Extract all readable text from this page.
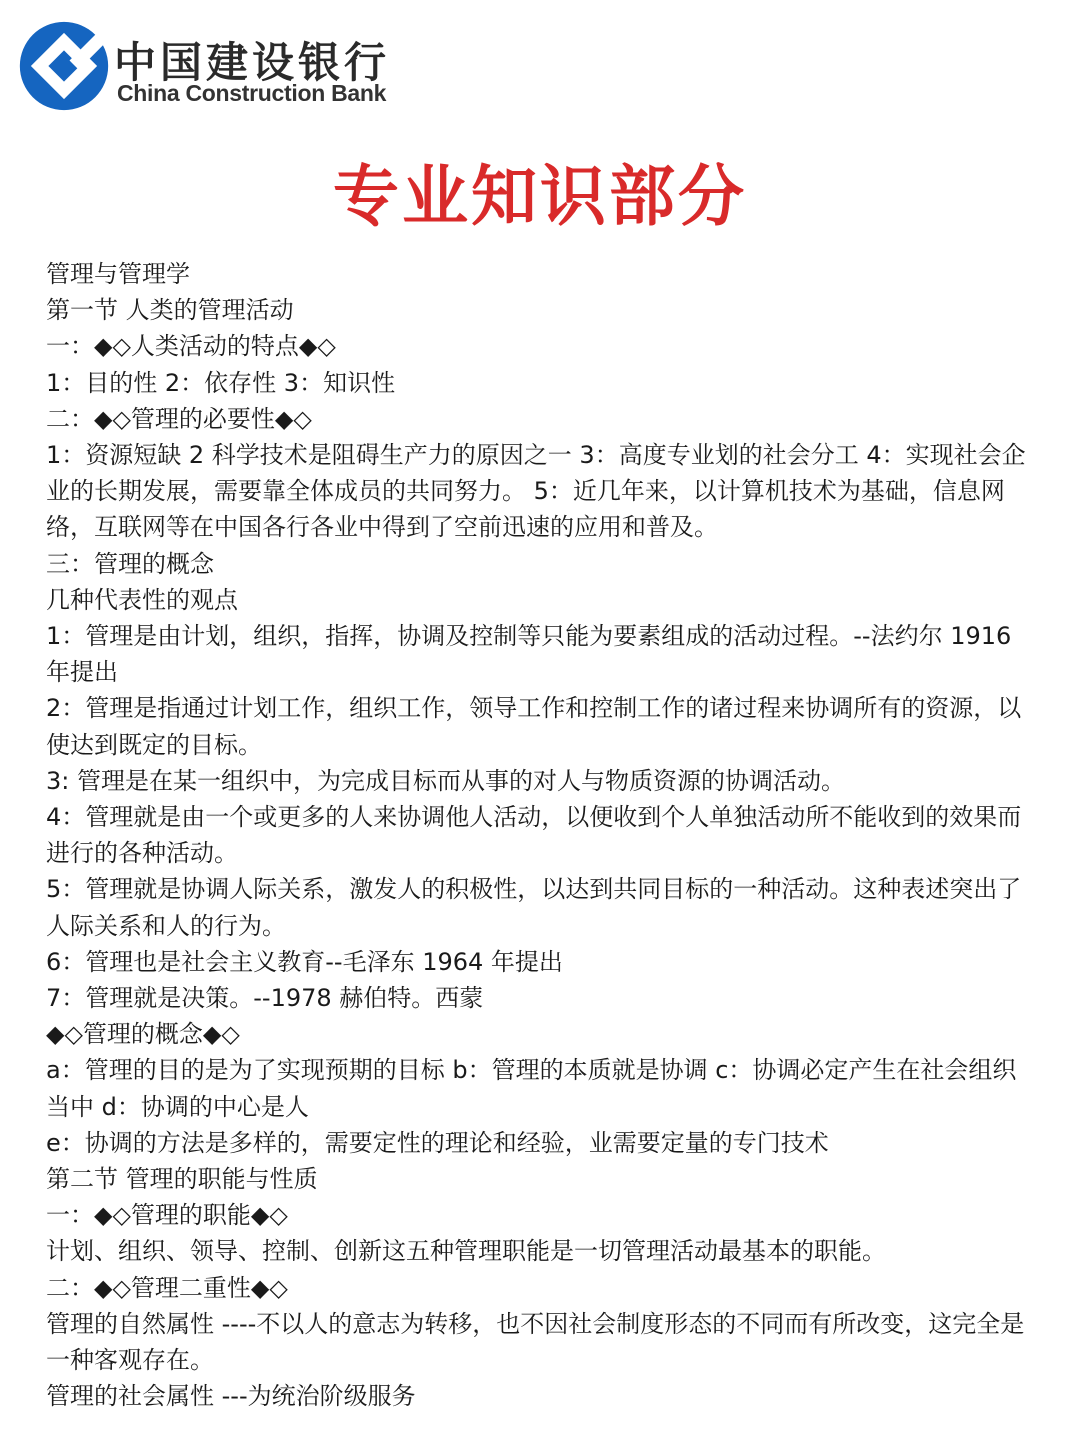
中国建设银行
China Construction Bank
专业知识部分

管理与管理学

第一节 人类的管理活动

一：◆◇人类活动的特点◆◇

1：目的性 2：依存性 3：知识性

二：◆◇管理的必要性◆◇

1：资源短缺 2 科学技术是阻碍生产力的原因之一 3：高度专业划的社会分工 4：实现社会企业的长期发展，需要靠全体成员的共同努力。 5：近几年来，以计算机技术为基础，信息网络，互联网等在中国各行各业中得到了空前迅速的应用和普及。

三：管理的概念

几种代表性的观点

1：管理是由计划，组织，指挥，协调及控制等只能为要素组成的活动过程。--法约尔 1916 年提出

2：管理是指通过计划工作，组织工作，领导工作和控制工作的诸过程来协调所有的资源，以使达到既定的目标。

3: 管理是在某一组织中，为完成目标而从事的对人与物质资源的协调活动。

4：管理就是由一个或更多的人来协调他人活动，以便收到个人单独活动所不能收到的效果而进行的各种活动。

5：管理就是协调人际关系，激发人的积极性，以达到共同目标的一种活动。这种表述突出了人际关系和人的行为。

6：管理也是社会主义教育--毛泽东 1964 年提出

7：管理就是决策。--1978 赫伯特。西蒙

◆◇管理的概念◆◇

a：管理的目的是为了实现预期的目标 b：管理的本质就是协调 c：协调必定产生在社会组织当中 d：协调的中心是人

e：协调的方法是多样的，需要定性的理论和经验，业需要定量的专门技术

第二节 管理的职能与性质

一：◆◇管理的职能◆◇

计划、组织、领导、控制、创新这五种管理职能是一切管理活动最基本的职能。

二：◆◇管理二重性◆◇

管理的自然属性 ----不以人的意志为转移，也不因社会制度形态的不同而有所改变，这完全是一种客观存在。

管理的社会属性 ---为统治阶级服务
